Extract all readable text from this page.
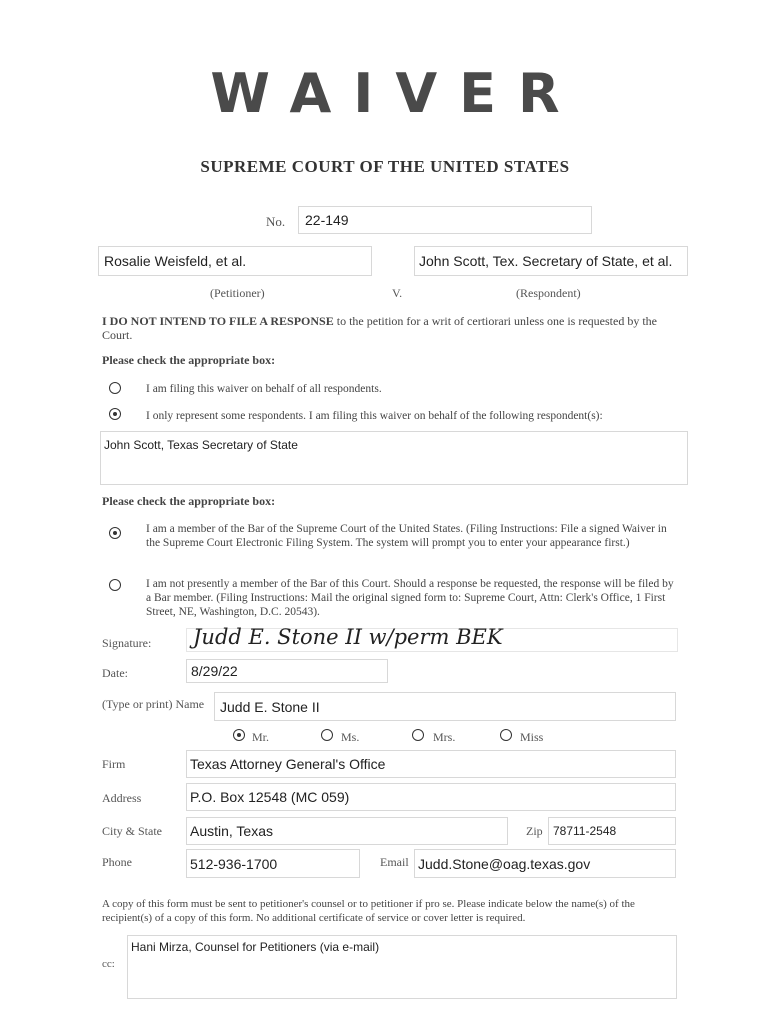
WAIVER
SUPREME COURT OF THE UNITED STATES
No.	22-149
Rosalie Weisfeld, et al.	John Scott, Tex. Secretary of State, et al.
(Petitioner)	V.	(Respondent)
I DO NOT INTEND TO FILE A RESPONSE to the petition for a writ of certiorari unless one is requested by the Court.
Please check the appropriate box:
I am filing this waiver on behalf of all respondents.
I only represent some respondents. I am filing this waiver on behalf of the following respondent(s):
John Scott, Texas Secretary of State
Please check the appropriate box:
I am a member of the Bar of the Supreme Court of the United States. (Filing Instructions: File a signed Waiver in the Supreme Court Electronic Filing System. The system will prompt you to enter your appearance first.)
I am not presently a member of the Bar of this Court. Should a response be requested, the response will be filed by a Bar member. (Filing Instructions: Mail the original signed form to: Supreme Court, Attn: Clerk's Office, 1 First Street, NE, Washington, D.C. 20543).
Signature: Judd E. Stone II w/perm BEK
Date:	8/29/22
(Type or print) Name	Judd E. Stone II
Mr.	Ms.	Mrs.	Miss
Firm	Texas Attorney General's Office
Address	P.O. Box 12548 (MC 059)
City & State Austin, Texas	Zip 78711-2548
Phone	512-936-1700	Email Judd.Stone@oag.texas.gov
A copy of this form must be sent to petitioner's counsel or to petitioner if pro se. Please indicate below the name(s) of the recipient(s) of a copy of this form. No additional certificate of service or cover letter is required.
cc:
Hani Mirza, Counsel for Petitioners (via e-mail)
